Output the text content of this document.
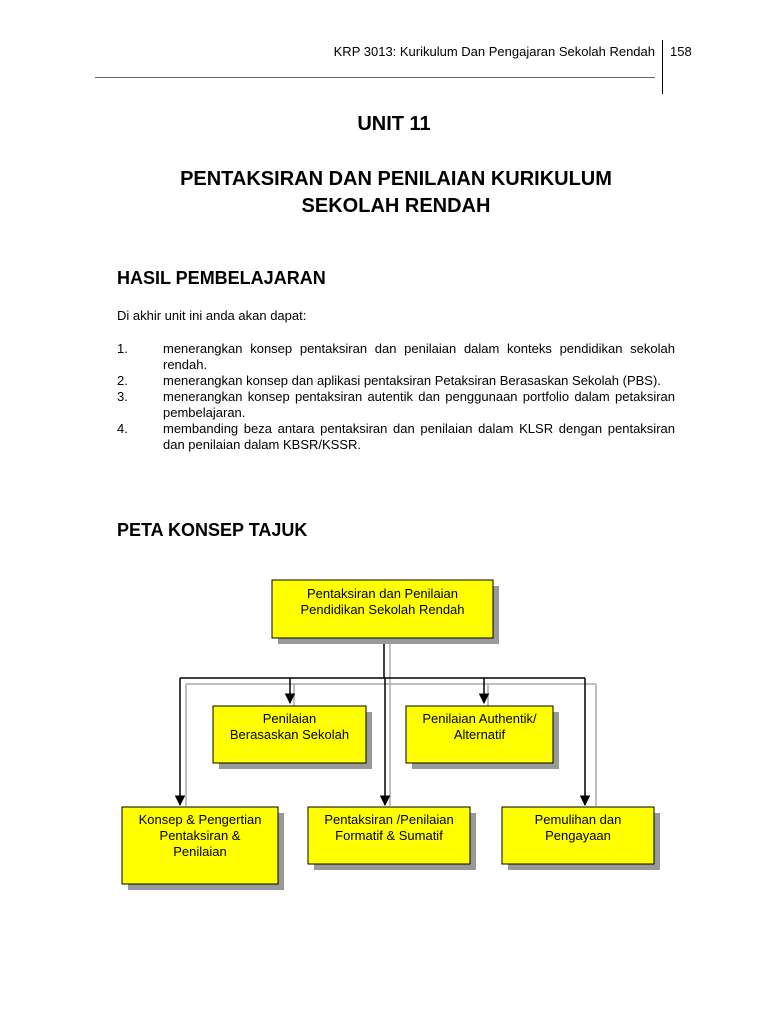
KRP 3013: Kurikulum Dan Pengajaran Sekolah Rendah 158
UNIT 11
PENTAKSIRAN DAN PENILAIAN KURIKULUM
SEKOLAH RENDAH
HASIL PEMBELAJARAN
Di akhir unit ini anda akan dapat:
1.	menerangkan konsep pentaksiran dan penilaian dalam konteks pendidikan sekolah rendah.
2.	menerangkan konsep dan aplikasi pentaksiran Petaksiran Berasaskan Sekolah (PBS).
3.	menerangkan konsep pentaksiran autentik dan penggunaan portfolio dalam petaksiran pembelajaran.
4.	membanding beza antara pentaksiran dan penilaian dalam KLSR dengan pentaksiran dan penilaian dalam KBSR/KSSR.
PETA KONSEP TAJUK
Pentaksiran dan Penilaian
Pendidikan Sekolah Rendah
Penilaian
Berasaskan Sekolah
Penilaian Authentik/
Alternatif
Konsep & Pengertian
Pentaksiran &
Penilaian
Pentaksiran /Penilaian
Formatif & Sumatif
Pemulihan dan
Pengayaan
